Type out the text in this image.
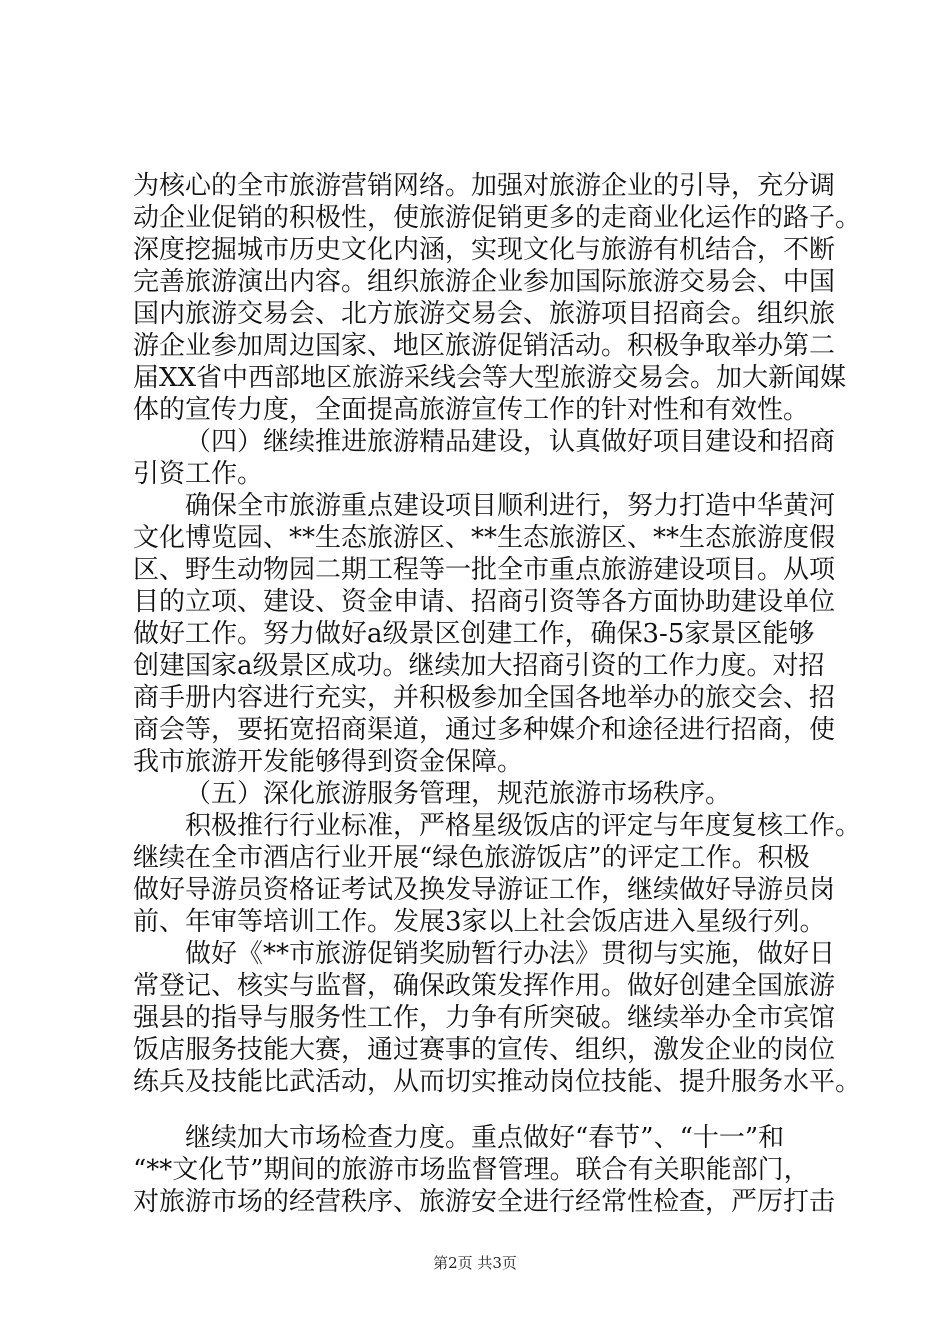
为核心的全市旅游营销网络。加强对旅游企业的引导，充分调
动企业促销的积极性，使旅游促销更多的走商业化运作的路子。
深度挖掘城市历史文化内涵，实现文化与旅游有机结合，不断
完善旅游演出内容。组织旅游企业参加国际旅游交易会、中国
国内旅游交易会、北方旅游交易会、旅游项目招商会。组织旅
游企业参加周边国家、地区旅游促销活动。积极争取举办第二
届XX省中西部地区旅游采线会等大型旅游交易会。加大新闻媒
体的宣传力度，全面提高旅游宣传工作的针对性和有效性。
（四）继续推进旅游精品建设，认真做好项目建设和招商
引资工作。
确保全市旅游重点建设项目顺利进行，努力打造中华黄河
文化博览园、**生态旅游区、**生态旅游区、**生态旅游度假
区、野生动物园二期工程等一批全市重点旅游建设项目。从项
目的立项、建设、资金申请、招商引资等各方面协助建设单位
做好工作。努力做好a级景区创建工作，确保3-5家景区能够
创建国家a级景区成功。继续加大招商引资的工作力度。对招
商手册内容进行充实，并积极参加全国各地举办的旅交会、招
商会等，要拓宽招商渠道，通过多种媒介和途径进行招商，使
我市旅游开发能够得到资金保障。
（五）深化旅游服务管理，规范旅游市场秩序。
积极推行行业标准，严格星级饭店的评定与年度复核工作。
继续在全市酒店行业开展“绿色旅游饭店”的评定工作。积极
做好导游员资格证考试及换发导游证工作，继续做好导游员岗
前、年审等培训工作。发展3家以上社会饭店进入星级行列。
做好《**市旅游促销奖励暂行办法》贯彻与实施，做好日
常登记、核实与监督，确保政策发挥作用。做好创建全国旅游
强县的指导与服务性工作，力争有所突破。继续举办全市宾馆
饭店服务技能大赛，通过赛事的宣传、组织，激发企业的岗位
练兵及技能比武活动，从而切实推动岗位技能、提升服务水平。
继续加大市场检查力度。重点做好“春节”、“十一”和
“**文化节”期间的旅游市场监督管理。联合有关职能部门，
对旅游市场的经营秩序、旅游安全进行经常性检查，严厉打击
第2页 共3页
